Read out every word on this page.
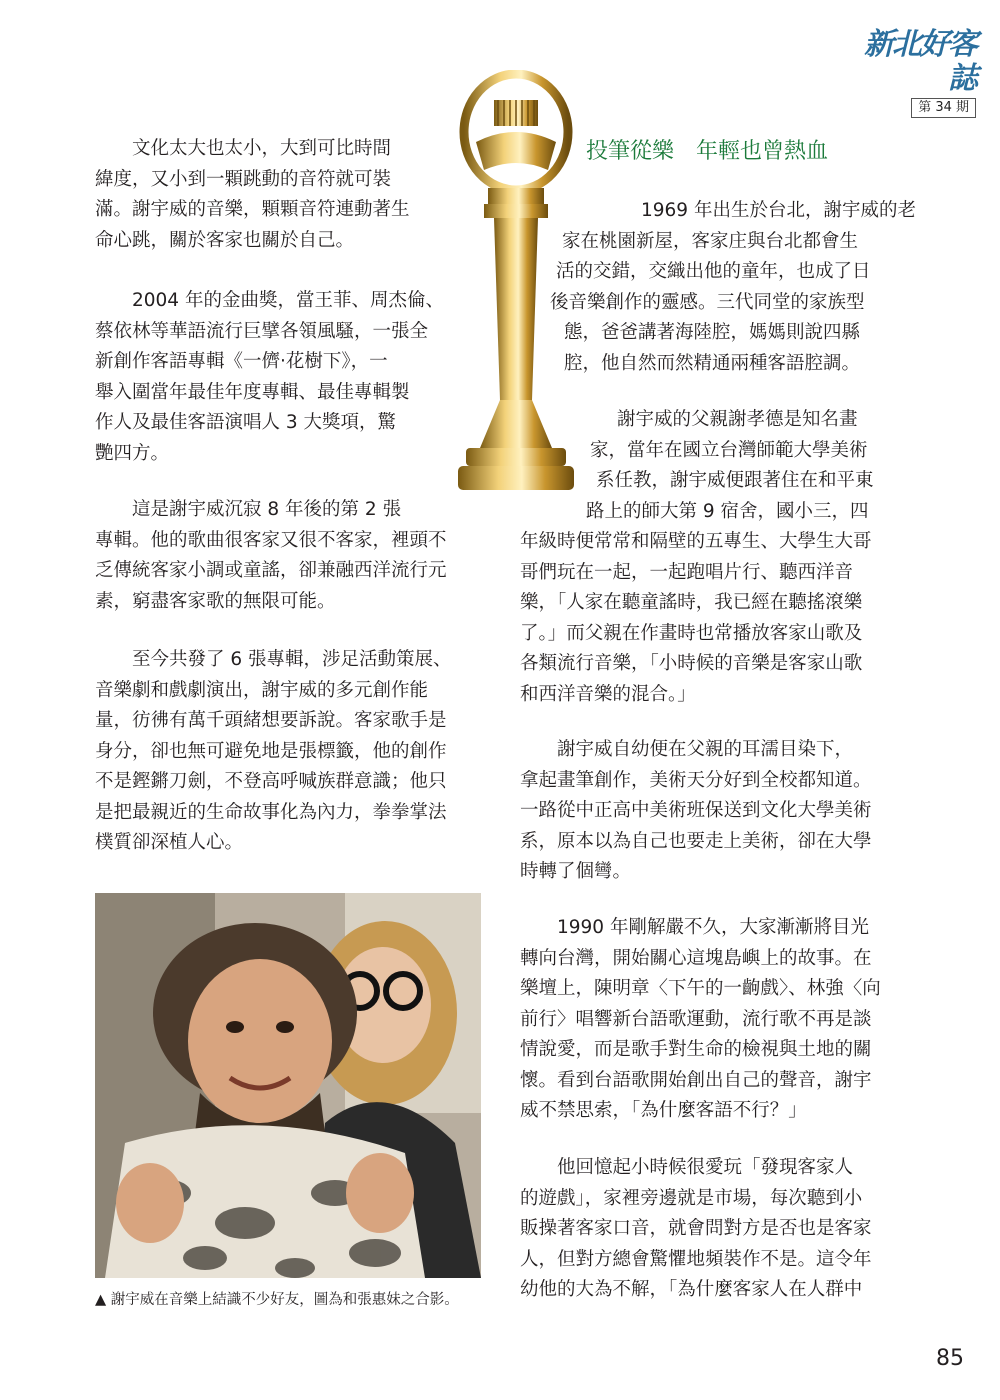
新北好客誌
第 34 期
　　文化太大也太小，大到可比時間
緯度，又小到一顆跳動的音符就可裝
滿。謝宇威的音樂，顆顆音符連動著生
命心跳，關於客家也關於自己。
　　2004 年的金曲獎，當王菲、周杰倫、
蔡依林等華語流行巨擘各領風騷，一張全
新創作客語專輯《一儕‧花樹下》，一
舉入圍當年最佳年度專輯、最佳專輯製
作人及最佳客語演唱人 3 大獎項，驚
艷四方。
　　這是謝宇威沉寂 8 年後的第 2 張
專輯。他的歌曲很客家又很不客家，裡頭不
乏傳統客家小調或童謠，卻兼融西洋流行元
素，窮盡客家歌的無限可能。
　　至今共發了 6 張專輯，涉足活動策展、
音樂劇和戲劇演出，謝宇威的多元創作能
量，彷彿有萬千頭緒想要訴說。客家歌手是
身分，卻也無可避免地是張標籤，他的創作
不是鏗鏘刀劍，不登高呼喊族群意識；他只
是把最親近的生命故事化為內力，拳拳掌法
樸質卻深植人心。
▲ 謝宇威在音樂上結識不少好友，圖為和張惠妹之合影。
投筆從樂　年輕也曾熱血
　　1969 年出生於台北，謝宇威的老
家在桃園新屋，客家庄與台北都會生
活的交錯，交織出他的童年，也成了日
後音樂創作的靈感。三代同堂的家族型
態，爸爸講著海陸腔，媽媽則說四縣
腔，他自然而然精通兩種客語腔調。
　　謝宇威的父親謝孝德是知名畫
家，當年在國立台灣師範大學美術
系任教，謝宇威便跟著住在和平東
路上的師大第 9 宿舍，國小三，四
年級時便常常和隔壁的五專生、大學生大哥
哥們玩在一起，一起跑唱片行、聽西洋音
樂，「人家在聽童謠時，我已經在聽搖滾樂
了。」而父親在作畫時也常播放客家山歌及
各類流行音樂，「小時候的音樂是客家山歌
和西洋音樂的混合。」
　　謝宇威自幼便在父親的耳濡目染下，
拿起畫筆創作，美術天分好到全校都知道。
一路從中正高中美術班保送到文化大學美術
系，原本以為自己也要走上美術，卻在大學
時轉了個彎。
　　1990 年剛解嚴不久，大家漸漸將目光
轉向台灣，開始關心這塊島嶼上的故事。在
樂壇上，陳明章〈下午的一齣戲〉、林強〈向
前行〉唱響新台語歌運動，流行歌不再是談
情說愛，而是歌手對生命的檢視與土地的關
懷。看到台語歌開始創出自己的聲音，謝宇
威不禁思索，「為什麼客語不行？」
　　他回憶起小時候很愛玩「發現客家人
的遊戲」，家裡旁邊就是市場，每次聽到小
販操著客家口音，就會問對方是否也是客家
人，但對方總會驚懼地頻裝作不是。這令年
幼他的大為不解，「為什麼客家人在人群中
85
